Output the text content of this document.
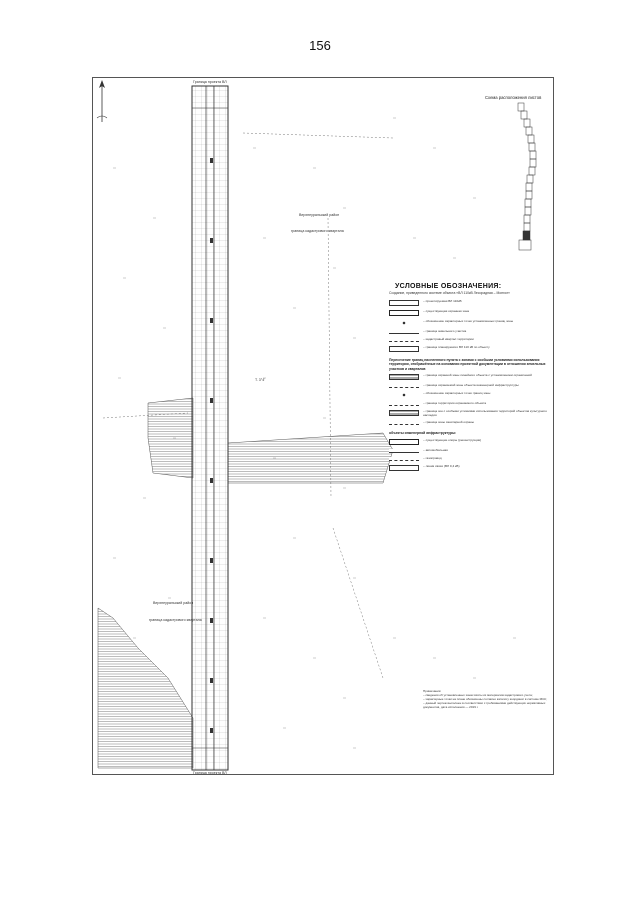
156
Граница проекта ВЛ
Граница проекта ВЛ
Верхнеуральский район
граница кадастрового квартала
Верхнеуральский район
граница кадастрового квартала
Т. 3°4'
Схема расположения листов
УСЛОВНЫЕ ОБОЗНАЧЕНИЯ:
Создание, приведенного системе объекта «ВЛ 110кВ Лесорадная – Монгол»
– проектируемая ВЛ 110кВ
– существующая охранная зона
– обозначение характерных точек установленных границ зоны
– граница земельного участка
– кадастровый квартал территории
– граница планируемого ВЛ 110 кВ по объекту
Пересечение границ населенного пункта с зонами с особыми условиями использования территории, отображённые на основании проектной документации в отношении земельных участков и кварталов
– граница охранной зоны линейного объекта с установлением ограничений
– граница охраняемой зоны объекта инженерной инфраструктуры
– обозначение характерных точек границ зоны
– граница территории охраняемого объекта
– граница зон с особыми условиями использования территорий объектов культурного наследия
– граница зоны санитарной охраны
объекты инженерной инфраструктуры:
– существующие опоры (реконструкция)
– автомобильная
– газопровод
– линия связи (ВЛ 0,4 кВ)
Примечания:
– сведения об установленных зонах взяты из материалов кадастрового учета;
– характерные точки на плане обозначены согласно каталогу координат в системе МСК;
– данный чертеж выполнен в соответствии с требованиями действующих нормативных документов, дата исполнения — 2019 г.
